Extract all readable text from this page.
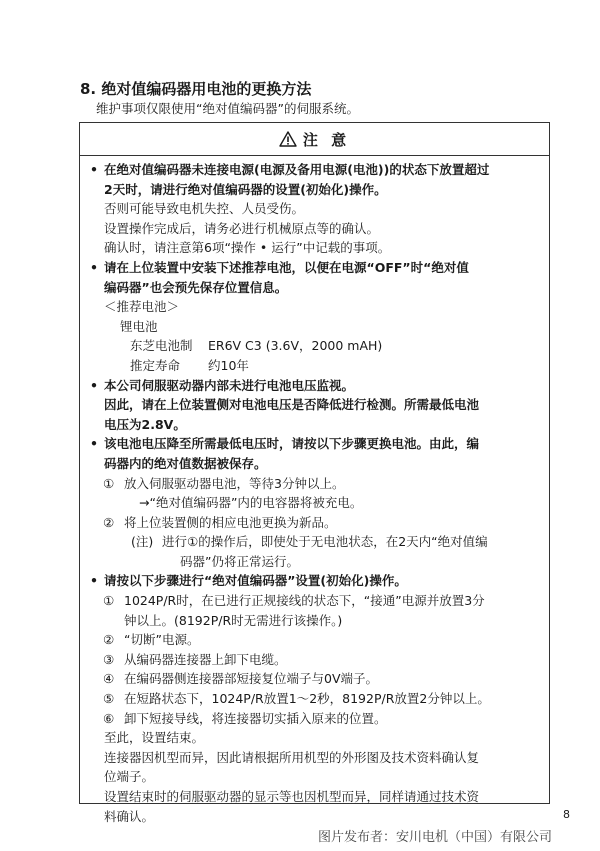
8. 绝对值编码器用电池的更换方法
维护事项仅限使用“绝对值编码器”的伺服系统。
注 意
• 在绝对值编码器未连接电源(电源及备用电源(电池))的状态下放置超过
2天时，请进行绝对值编码器的设置(初始化)操作。
否则可能导致电机失控、人员受伤。
设置操作完成后，请务必进行机械原点等的确认。
确认时，请注意第6项“操作 • 运行”中记载的事项。
• 请在上位装置中安装下述推荐电池，以便在电源“OFF”时“绝对值
编码器”也会预先保存位置信息。
＜推荐电池＞
锂电池
东芝电池制	ER6V C3 (3.6V，2000 mAH)
推定寿命	约10年
• 本公司伺服驱动器内部未进行电池电压监视。
因此，请在上位装置侧对电池电压是否降低进行检测。所需最低电池
电压为2.8V。
• 该电池电压降至所需最低电压时，请按以下步骤更换电池。由此，编
码器内的绝对值数据被保存。
① 放入伺服驱动器电池，等待3分钟以上。
→“绝对值编码器”内的电容器将被充电。
② 将上位装置侧的相应电池更换为新品。
(注) 进行①的操作后，即使处于无电池状态，在2天内“绝对值编
码器”仍将正常运行。
• 请按以下步骤进行“绝对值编码器”设置(初始化)操作。
① 1024P/R时，在已进行正规接线的状态下，“接通”电源并放置3分
钟以上。(8192P/R时无需进行该操作。)
② “切断”电源。
③ 从编码器连接器上卸下电缆。
④ 在编码器侧连接器部短接复位端子与0V端子。
⑤ 在短路状态下，1024P/R放置1～2秒，8192P/R放置2分钟以上。
⑥ 卸下短接导线，将连接器切实插入原来的位置。
至此，设置结束。
连接器因机型而异，因此请根据所用机型的外形图及技术资料确认复
位端子。
设置结束时的伺服驱动器的显示等也因机型而异，同样请通过技术资
料确认。	8
图片发布者：安川电机（中国）有限公司
